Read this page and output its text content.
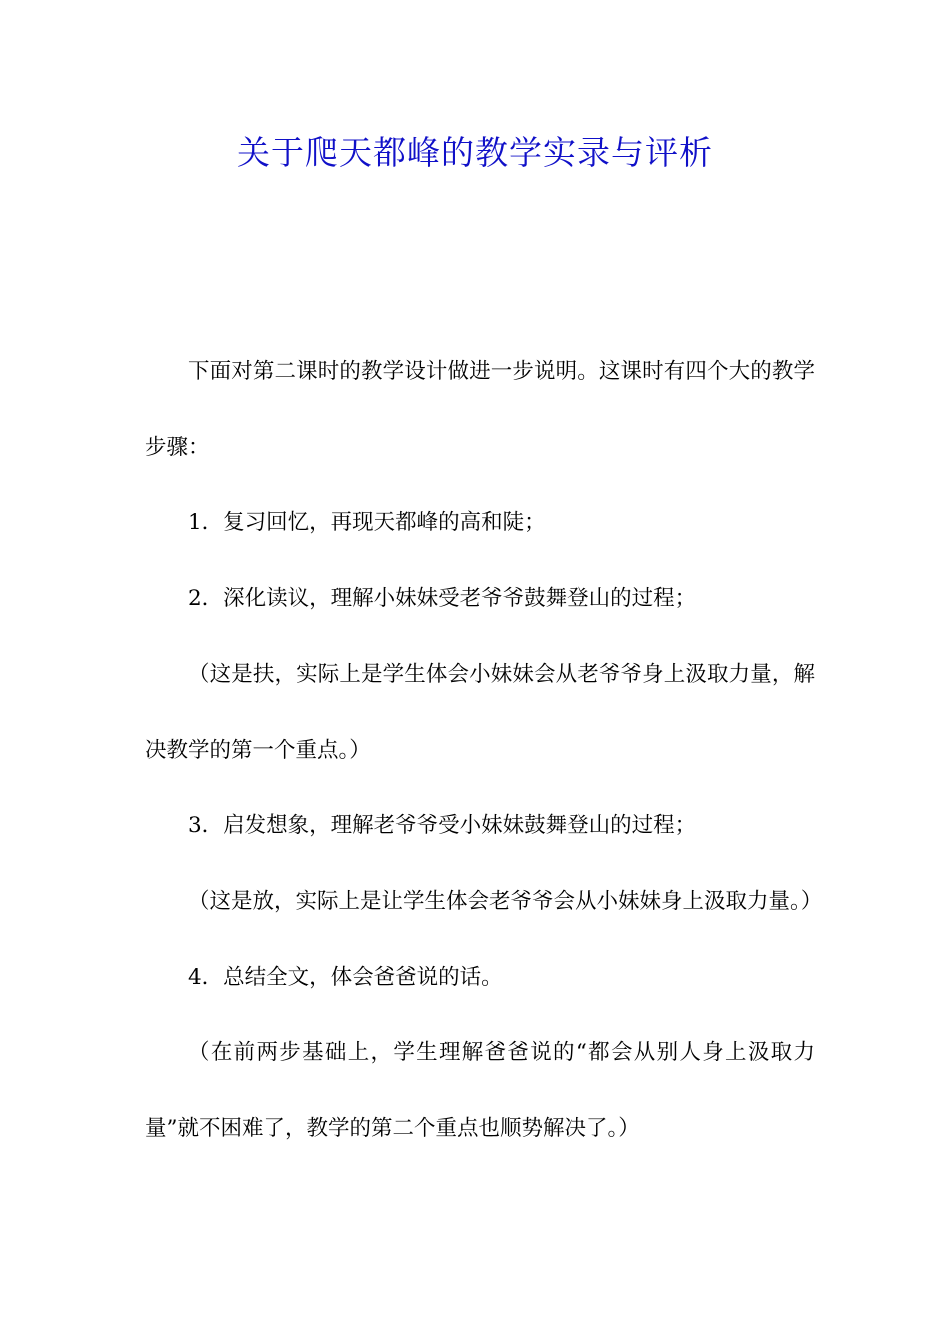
关于爬天都峰的教学实录与评析

下面对第二课时的教学设计做进一步说明。这课时有四个大的教学步骤：

1．复习回忆，再现天都峰的高和陡；

2．深化读议，理解小妹妹受老爷爷鼓舞登山的过程；

（这是扶，实际上是学生体会小妹妹会从老爷爷身上汲取力量，解决教学的第一个重点。）

3．启发想象，理解老爷爷受小妹妹鼓舞登山的过程；

（这是放，实际上是让学生体会老爷爷会从小妹妹身上汲取力量。）

4．总结全文，体会爸爸说的话。

（在前两步基础上，学生理解爸爸说的“都会从别人身上汲取力量”就不困难了，教学的第二个重点也顺势解决了。）
